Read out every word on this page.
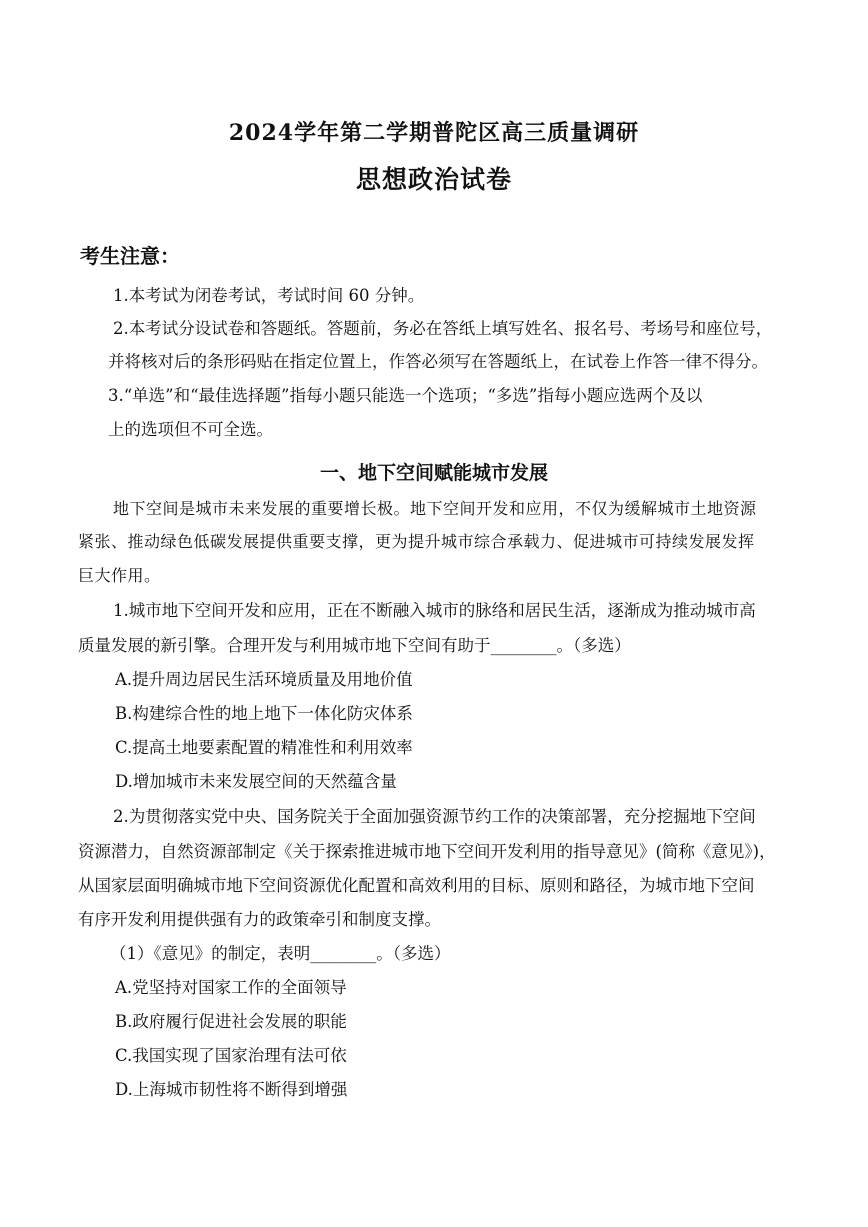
2024学年第二学期普陀区高三质量调研
思想政治试卷
考生注意：
1.本考试为闭卷考试，考试时间 60 分钟。
2.本考试分设试卷和答题纸。答题前，务必在答纸上填写姓名、报名号、考场号和座位号，
并将核对后的条形码贴在指定位置上，作答必须写在答题纸上，在试卷上作答一律不得分。
3.“单选”和“最佳选择题”指每小题只能选一个选项；“多选”指每小题应选两个及以
上的选项但不可全选。
一、地下空间赋能城市发展
地下空间是城市未来发展的重要增长极。地下空间开发和应用，不仅为缓解城市土地资源
紧张、推动绿色低碳发展提供重要支撑，更为提升城市综合承载力、促进城市可持续发展发挥
巨大作用。
1.城市地下空间开发和应用，正在不断融入城市的脉络和居民生活，逐渐成为推动城市高
质量发展的新引擎。合理开发与利用城市地下空间有助于________。（多选）
A.提升周边居民生活环境质量及用地价值
B.构建综合性的地上地下一体化防灾体系
C.提高土地要素配置的精准性和利用效率
D.增加城市未来发展空间的天然蕴含量
2.为贯彻落实党中央、国务院关于全面加强资源节约工作的决策部署，充分挖掘地下空间
资源潜力，自然资源部制定《关于探索推进城市地下空间开发利用的指导意见》(简称《意见》)，
从国家层面明确城市地下空间资源优化配置和高效利用的目标、原则和路径，为城市地下空间
有序开发利用提供强有力的政策牵引和制度支撑。
（1）《意见》的制定，表明________。（多选）
A.党坚持对国家工作的全面领导
B.政府履行促进社会发展的职能
C.我国实现了国家治理有法可依
D.上海城市韧性将不断得到增强
